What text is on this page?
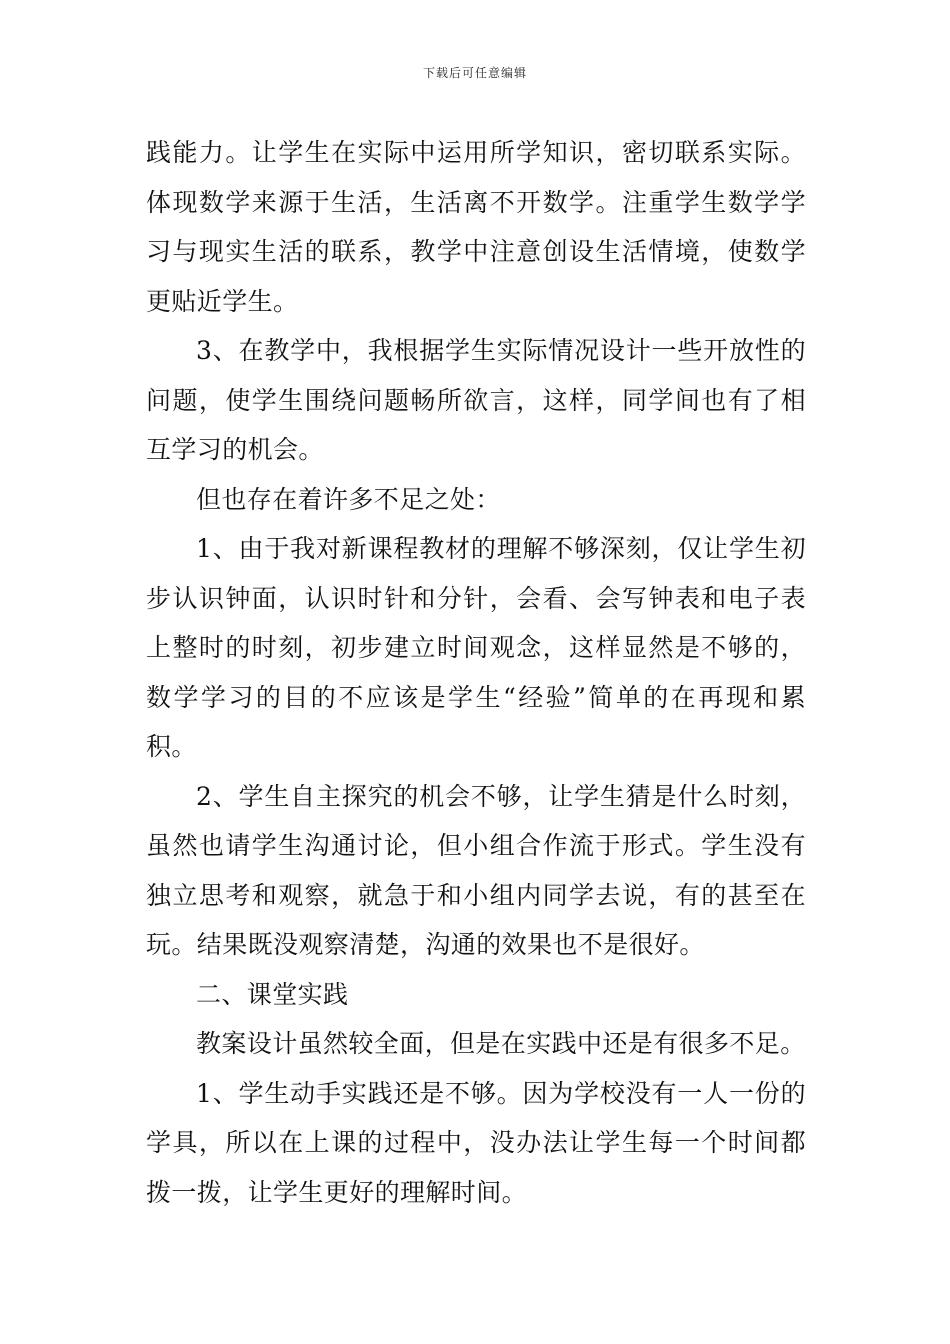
下载后可任意编辑

践能力。让学生在实际中运用所学知识，密切联系实际。体现数学来源于生活，生活离不开数学。注重学生数学学习与现实生活的联系，教学中注意创设生活情境，使数学更贴近学生。

3、在教学中，我根据学生实际情况设计一些开放性的问题，使学生围绕问题畅所欲言，这样，同学间也有了相互学习的机会。

但也存在着许多不足之处：

1、由于我对新课程教材的理解不够深刻，仅让学生初步认识钟面，认识时针和分针，会看、会写钟表和电子表上整时的时刻，初步建立时间观念，这样显然是不够的，数学学习的目的不应该是学生“经验”简单的在再现和累积。

2、学生自主探究的机会不够，让学生猜是什么时刻，虽然也请学生沟通讨论，但小组合作流于形式。学生没有独立思考和观察，就急于和小组内同学去说，有的甚至在玩。结果既没观察清楚，沟通的效果也不是很好。

二、课堂实践

教案设计虽然较全面，但是在实践中还是有很多不足。

1、学生动手实践还是不够。因为学校没有一人一份的学具，所以在上课的过程中，没办法让学生每一个时间都拨一拨，让学生更好的理解时间。
